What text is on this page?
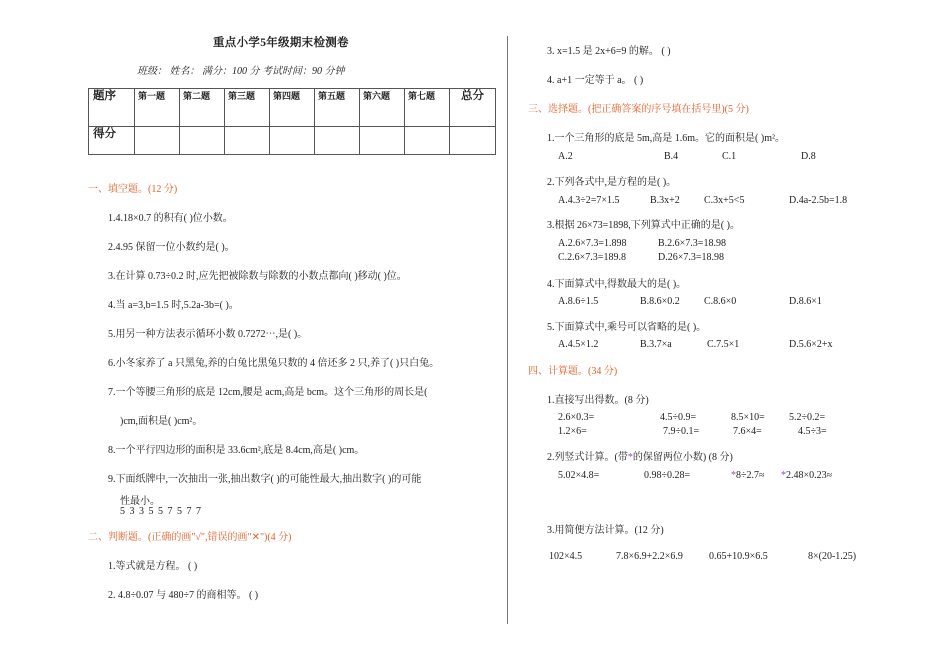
重点小学5年级期末检测卷
班级： 姓名： 满分：100 分 考试时间：90 分钟
题序	第一题	第二题	第三题	第四题	第五题	第六题	第七题	总分
得分								
一、填空题。(12 分)
1.4.18×0.7 的积有( )位小数。
2.4.95 保留一位小数约是( )。
3.在计算 0.73÷0.2 时,应先把被除数与除数的小数点都向( )移动( )位。
4.当 a=3,b=1.5 时,5.2a-3b=( )。
5.用另一种方法表示循环小数 0.7272⋯,是( )。
6.小冬家养了 a 只黑兔,养的白兔比黑兔只数的 4 倍还多 2 只,养了( )只白兔。
7.一个等腰三角形的底是 12cm,腰是 acm,高是 bcm。这个三角形的周长是(
)cm,面积是( )cm²。
8.一个平行四边形的面积是 33.6cm²,底是 8.4cm,高是( )cm。
9.下面纸牌中,一次抽出一张,抽出数字( )的可能性最大,抽出数字( )的可能
性最小。
5 3 3 5 5 7 5 7 7
二、判断题。(正确的画"√",错误的画"✕")(4 分)
1.等式就是方程。 ( )
2. 4.8÷0.07 与 480÷7 的商相等。 ( )
3. x=1.5 是 2x+6=9 的解。 ( )
4. a+1 一定等于 a。 ( )
三、选择题。(把正确答案的序号填在括号里)(5 分)
1.一个三角形的底是 5m,高是 1.6m。它的面积是( )m²。
A.2	B.4	C.1	D.8
2.下列各式中,是方程的是( )。
A.4.3÷2=7×1.5	B.3x+2 C.3x+5<5	D.4a-2.5b=1.8
3.根据 26×73=1898,下列算式中正确的是( )。
A.2.6×7.3=1.898	B.2.6×7.3=18.98
C.2.6×7.3=189.8	D.26×7.3=18.98
4.下面算式中,得数最大的是( )。
A.8.6÷1.5	B.8.6×0.2 C.8.6×0	D.8.6×1
5.下面算式中,乘号可以省略的是( )。
A.4.5×1.2	B.3.7×a	C.7.5×1	D.5.6×2+x
四、计算题。(34 分)
1.直接写出得数。(8 分)
2.6×0.3=	4.5÷0.9=	8.5×10= 5.2÷0.2=
1.2×6=	7.9÷0.1=	7.6×4=	4.5÷3=
2.列竖式计算。(带*的保留两位小数) (8 分)
5.02×4.8=	0.98÷0.28=	*8÷2.7≈ *2.48×0.23≈
3.用简便方法计算。(12 分)
102×4.5	7.8×6.9+2.2×6.9	0.65+10.9×6.5	8×(20-1.25)
